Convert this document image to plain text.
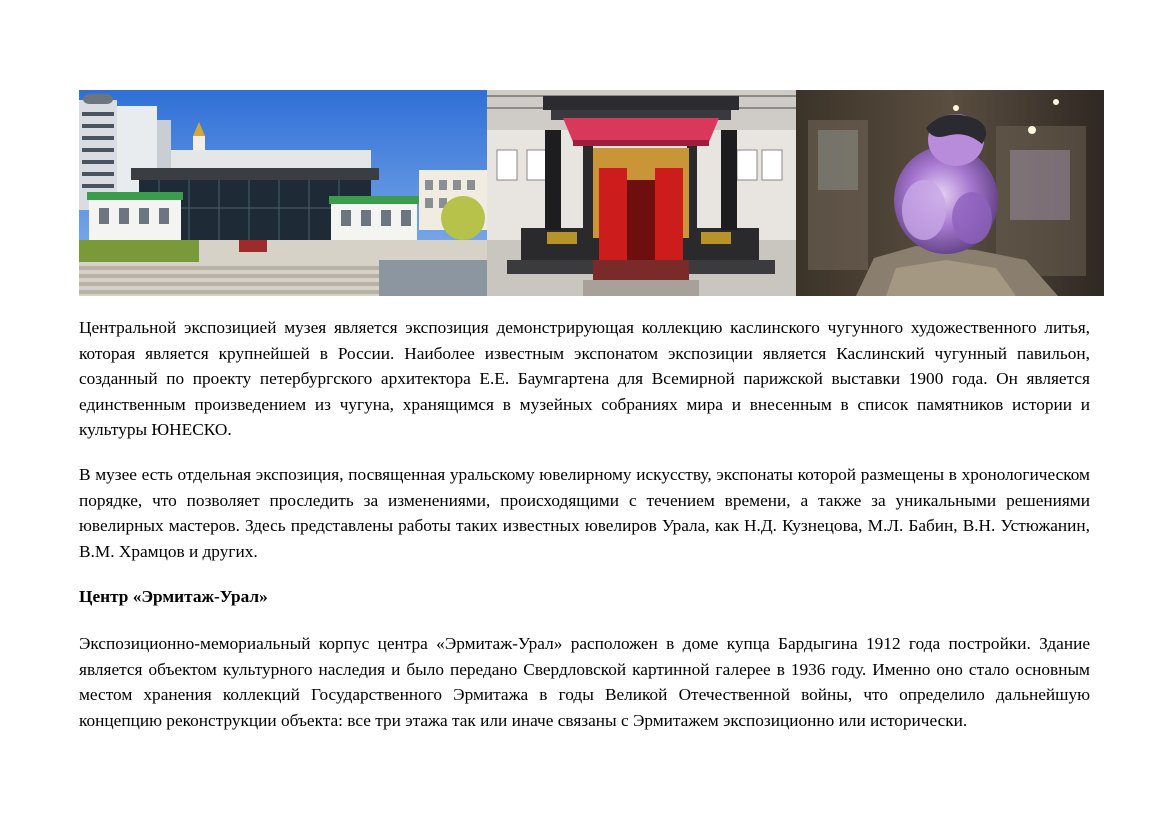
Центральной экспозицией музея является экспозиция демонстрирующая коллекцию каслинского чугунного художественного литья, которая является крупнейшей в России. Наиболее известным экспонатом экспозиции является Каслинский чугунный павильон, созданный по проекту петербургского архитектора Е.Е. Баумгартена для Всемирной парижской выставки 1900 года. Он является единственным произведением из чугуна, хранящимся в музейных собраниях мира и внесенным в список памятников истории и культуры ЮНЕСКО.

В музее есть отдельная экспозиция, посвященная уральскому ювелирному искусству, экспонаты которой размещены в хронологическом порядке, что позволяет проследить за изменениями, происходящими с течением времени, а также за уникальными решениями ювелирных мастеров. Здесь представлены работы таких известных ювелиров Урала, как Н.Д. Кузнецова, М.Л. Бабин, В.Н. Устюжанин, В.М. Храмцов и других.

Центр «Эрмитаж-Урал»

Экспозиционно-мемориальный корпус центра «Эрмитаж-Урал» расположен в доме купца Бардыгина 1912 года постройки. Здание является объектом культурного наследия и было передано Свердловской картинной галерее в 1936 году. Именно оно стало основным местом хранения коллекций Государственного Эрмитажа в годы Великой Отечественной войны, что определило дальнейшую концепцию реконструкции объекта: все три этажа так или иначе связаны с Эрмитажем экспозиционно или исторически.
